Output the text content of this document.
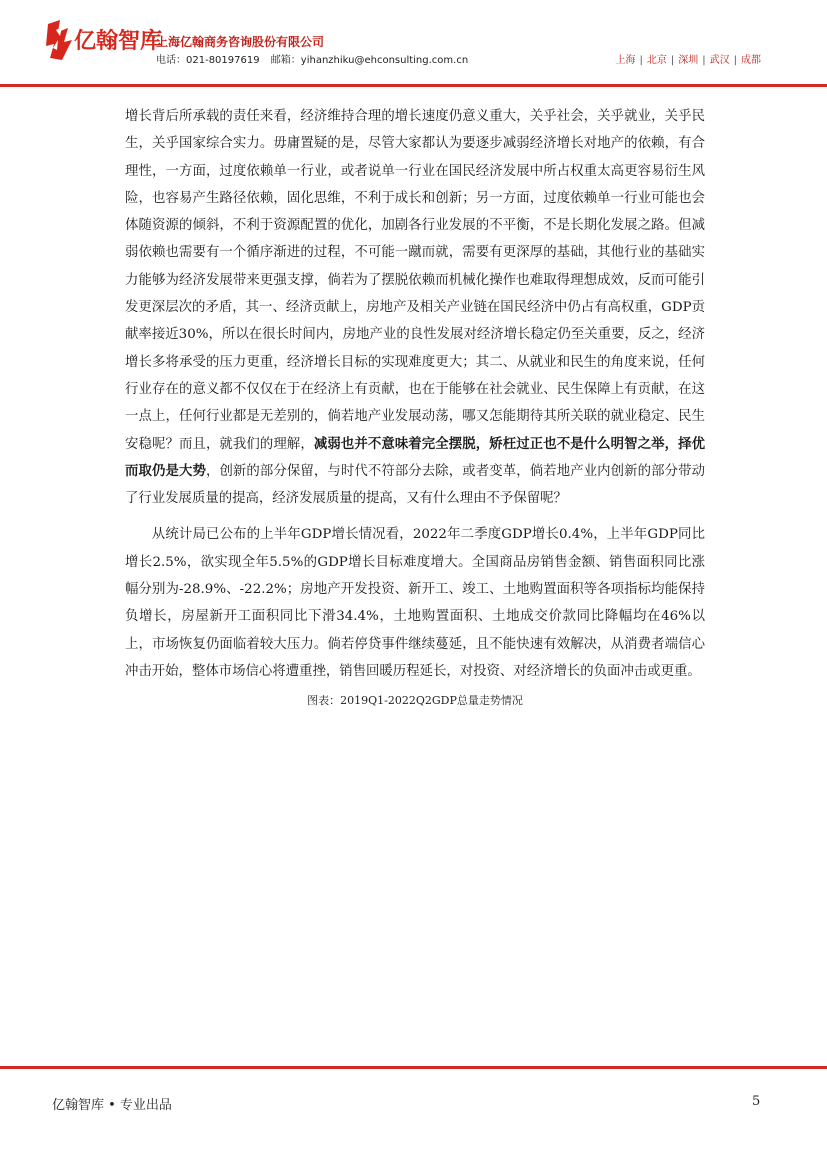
亿翰智库
上海亿翰商务咨询股份有限公司
电话：021-80197619 邮箱：yihanzhiku@ehconsulting.com.cn	上海 | 北京 | 深圳 | 武汉 | 成都

增长背后所承载的责任来看，经济维持合理的增长速度仍意义重大，关乎社会，关乎就业，关乎民生，关乎国家综合实力。毋庸置疑的是，尽管大家都认为要逐步减弱经济增长对地产的依赖，有合理性，一方面，过度依赖单一行业，或者说单一行业在国民经济发展中所占权重太高更容易衍生风险，也容易产生路径依赖，固化思维，不利于成长和创新；另一方面，过度依赖单一行业可能也会体随资源的倾斜，不利于资源配置的优化，加剧各行业发展的不平衡，不是长期化发展之路。但减弱依赖也需要有一个循序渐进的过程，不可能一蹴而就，需要有更深厚的基础，其他行业的基础实力能够为经济发展带来更强支撑，倘若为了摆脱依赖而机械化操作也难取得理想成效，反而可能引发更深层次的矛盾，其一、经济贡献上，房地产及相关产业链在国民经济中仍占有高权重，GDP贡献率接近30%，所以在很长时间内，房地产业的良性发展对经济增长稳定仍至关重要，反之，经济增长多将承受的压力更重，经济增长目标的实现难度更大；其二、从就业和民生的角度来说，任何行业存在的意义都不仅仅在于在经济上有贡献，也在于能够在社会就业、民生保障上有贡献，在这一点上，任何行业都是无差别的，倘若地产业发展动荡，哪又怎能期待其所关联的就业稳定、民生安稳呢？而且，就我们的理解，减弱也并不意味着完全摆脱，矫枉过正也不是什么明智之举，择优而取仍是大势，创新的部分保留，与时代不符部分去除，或者变革，倘若地产业内创新的部分带动了行业发展质量的提高，经济发展质量的提高，又有什么理由不予保留呢？

从统计局已公布的上半年GDP增长情况看，2022年二季度GDP增长0.4%，上半年GDP同比增长2.5%，欲实现全年5.5%的GDP增长目标难度增大。全国商品房销售金额、销售面积同比涨幅分别为-28.9%、-22.2%；房地产开发投资、新开工、竣工、土地购置面积等各项指标均能保持负增长，房屋新开工面积同比下滑34.4%，土地购置面积、土地成交价款同比降幅均在46%以上，市场恢复仍面临着较大压力。倘若停贷事件继续蔓延，且不能快速有效解决，从消费者端信心冲击开始，整体市场信心将遭重挫，销售回暖历程延长，对投资、对经济增长的负面冲击或更重。

图表：2019Q1-2022Q2GDP总量走势情况
亿翰智库 • 专业出品	5
